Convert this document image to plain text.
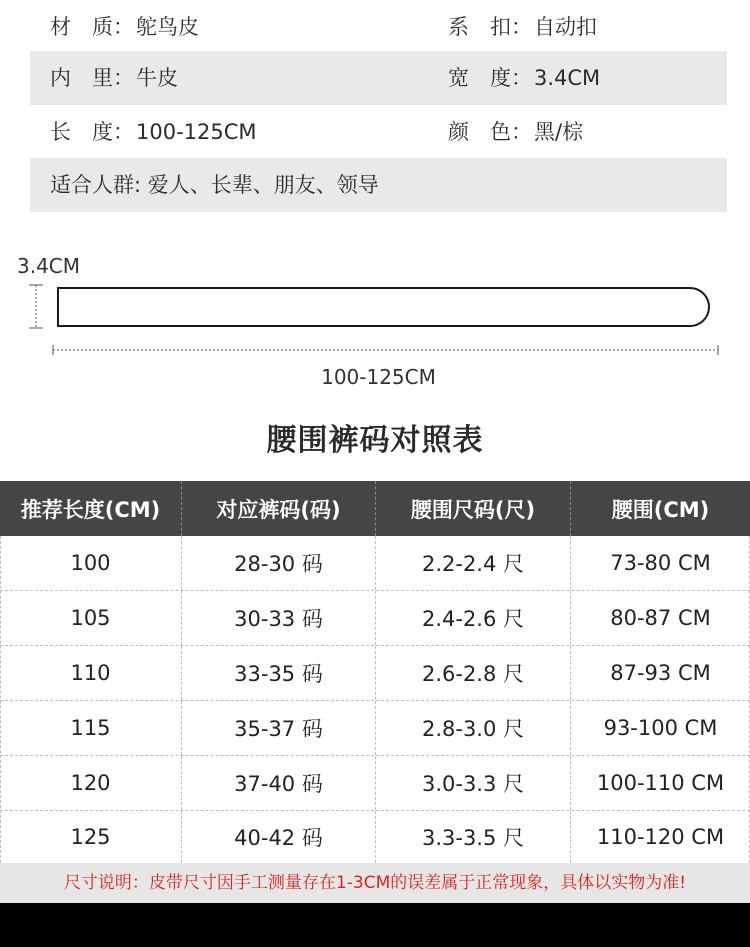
材　质：鸵鸟皮	系　扣：自动扣
内　里：牛皮	宽　度：3.4CM
长　度：100-125CM	颜　色：黑/棕
适合人群: 爱人、长辈、朋友、领导
3.4CM
100-125CM
腰围裤码对照表
推荐长度(CM)	对应裤码(码)	腰围尺码(尺)	腰围(CM)
100	28-30 码	2.2-2.4 尺	73-80 CM
105	30-33 码	2.4-2.6 尺	80-87 CM
110	33-35 码	2.6-2.8 尺	87-93 CM
115	35-37 码	2.8-3.0 尺	93-100 CM
120	37-40 码	3.0-3.3 尺	100-110 CM
125	40-42 码	3.3-3.5 尺	110-120 CM
尺寸说明：皮带尺寸因手工测量存在1-3CM的误差属于正常现象，具体以实物为准!
